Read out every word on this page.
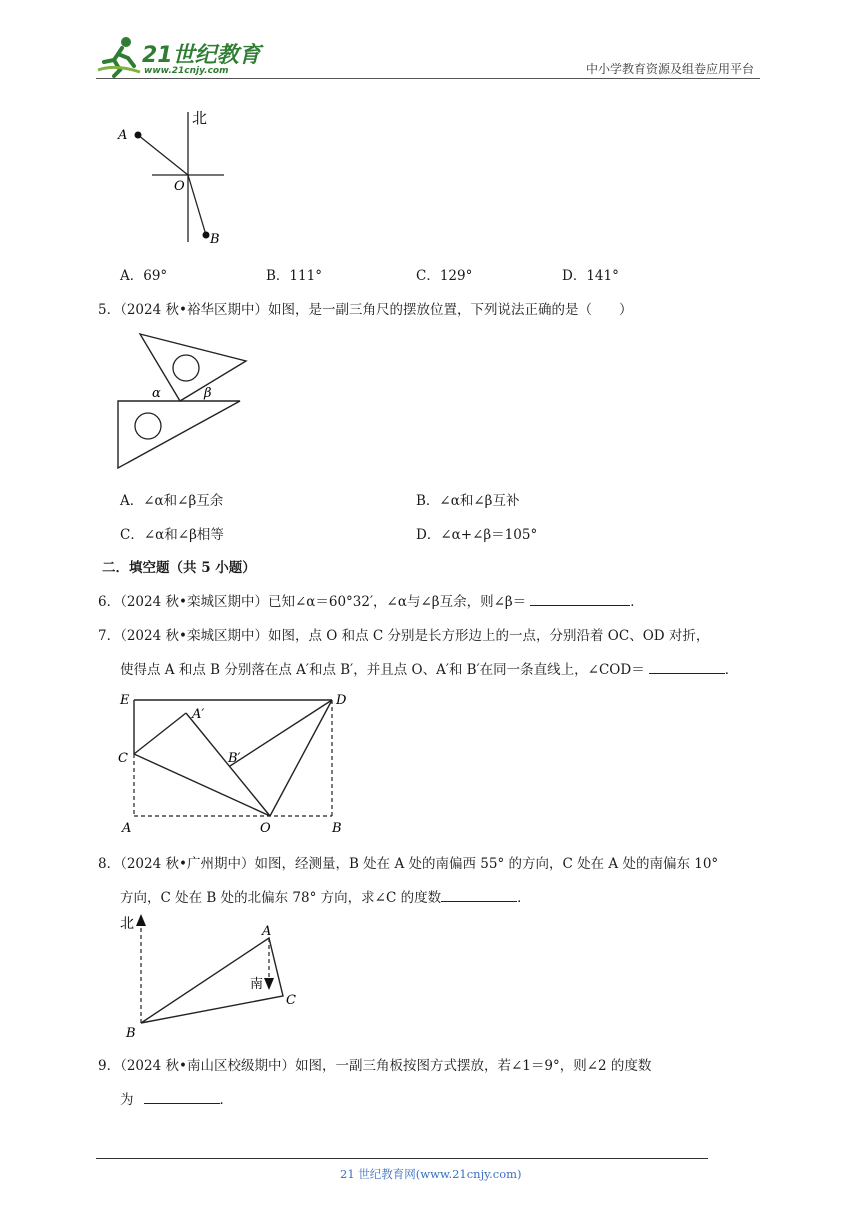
21世纪教育
www.21cnjy.com	中小学教育资源及组卷应用平台
北
A
O
B
A．69°	B．111°	C．129°	D．141°
5．（2024 秋•裕华区期中）如图，是一副三角尺的摆放位置，下列说法正确的是（　　）
α	β
A．∠α和∠β互余	B．∠α和∠β互补
C．∠α和∠β相等	D．∠α+∠β＝105°
二．填空题（共 5 小题）
6．（2024 秋•栾城区期中）已知∠α＝60°32′，∠α与∠β互余，则∠β＝	．
7．（2024 秋•栾城区期中）如图，点 O 和点 C 分别是长方形边上的一点，分别沿着 OC、OD 对折，
使得点 A 和点 B 分别落在点 A′和点 B′，并且点 O、A′和 B′在同一条直线上，∠COD＝	．
E	D
A′
B′
C
A	O	B
8．（2024 秋•广州期中）如图，经测量，B 处在 A 处的南偏西 55° 的方向，C 处在 A 处的南偏东 10°
方向，C 处在 B 处的北偏东 78° 方向，求∠C 的度数	．
北
南
A
B
C
9．（2024 秋•南山区校级期中）如图，一副三角板按图方式摆放，若∠1＝9°，则∠2 的度数
为	．
21 世纪教育网(www.21cnjy.com)
